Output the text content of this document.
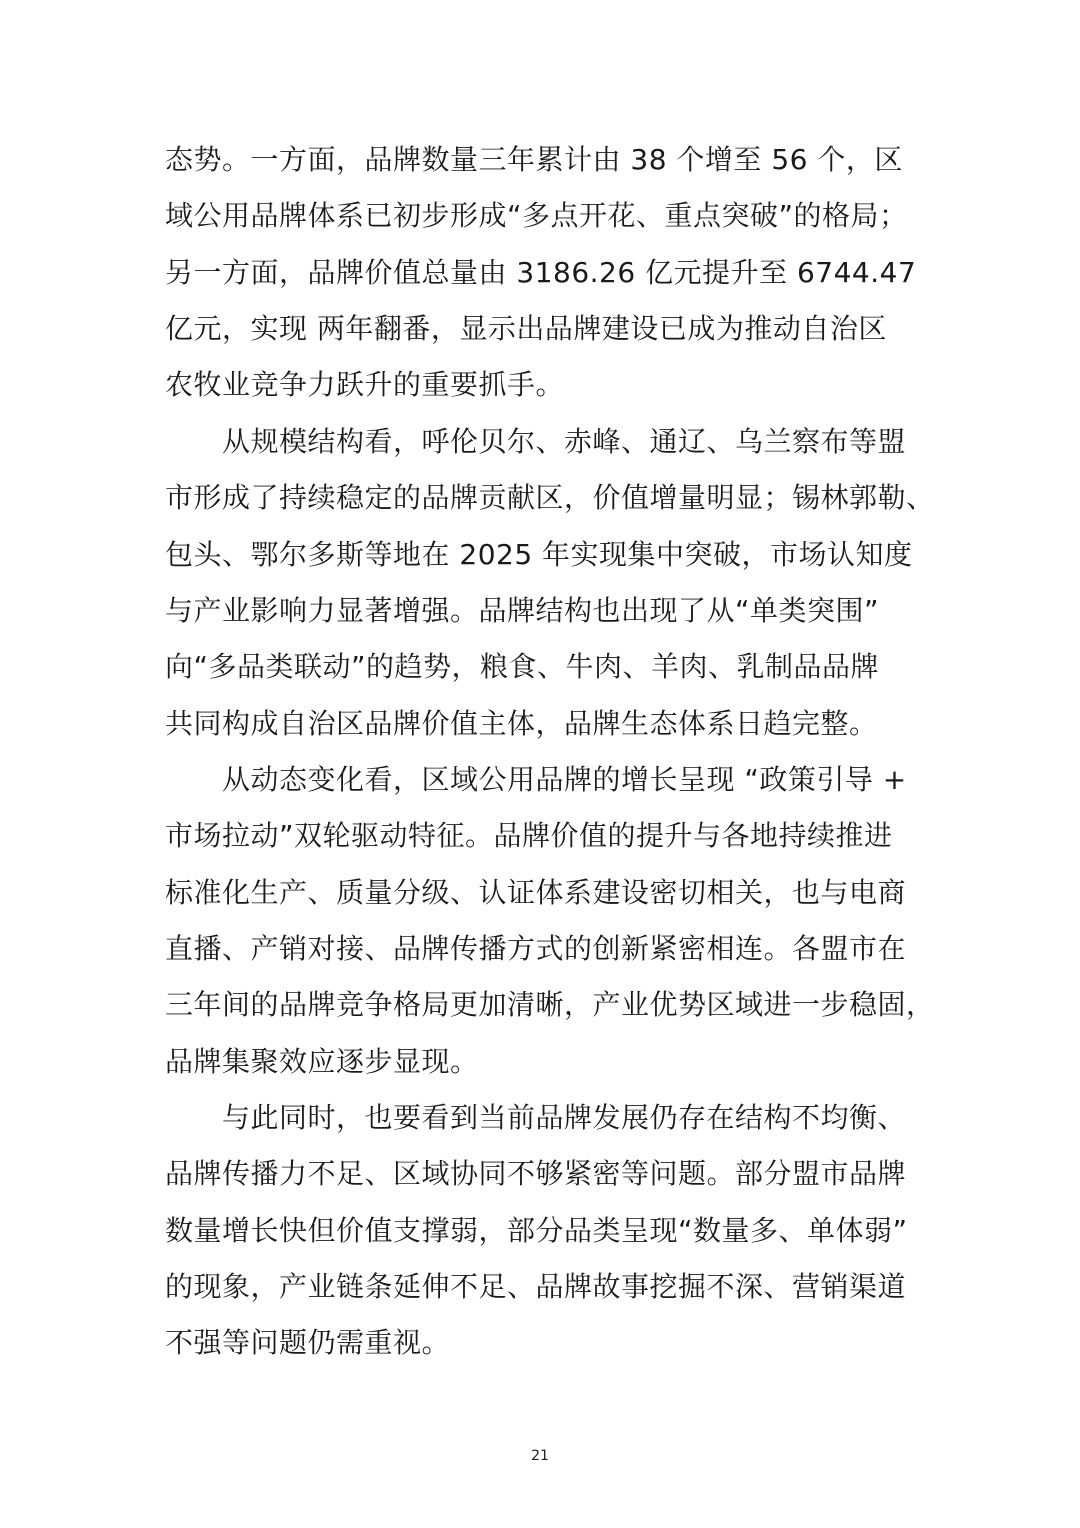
态势。一方面，品牌数量三年累计由 38 个增至 56 个，区
域公用品牌体系已初步形成“多点开花、重点突破”的格局；
另一方面，品牌价值总量由 3186.26 亿元提升至 6744.47
亿元，实现 两年翻番，显示出品牌建设已成为推动自治区
农牧业竞争力跃升的重要抓手。
从规模结构看，呼伦贝尔、赤峰、通辽、乌兰察布等盟
市形成了持续稳定的品牌贡献区，价值增量明显；锡林郭勒、
包头、鄂尔多斯等地在 2025 年实现集中突破，市场认知度
与产业影响力显著增强。品牌结构也出现了从“单类突围”
向“多品类联动”的趋势，粮食、牛肉、羊肉、乳制品品牌
共同构成自治区品牌价值主体，品牌生态体系日趋完整。
从动态变化看，区域公用品牌的增长呈现 “政策引导 +
市场拉动”双轮驱动特征。品牌价值的提升与各地持续推进
标准化生产、质量分级、认证体系建设密切相关，也与电商
直播、产销对接、品牌传播方式的创新紧密相连。各盟市在
三年间的品牌竞争格局更加清晰，产业优势区域进一步稳固，
品牌集聚效应逐步显现。
与此同时，也要看到当前品牌发展仍存在结构不均衡、
品牌传播力不足、区域协同不够紧密等问题。部分盟市品牌
数量增长快但价值支撑弱，部分品类呈现“数量多、单体弱”
的现象，产业链条延伸不足、品牌故事挖掘不深、营销渠道
不强等问题仍需重视。
21
